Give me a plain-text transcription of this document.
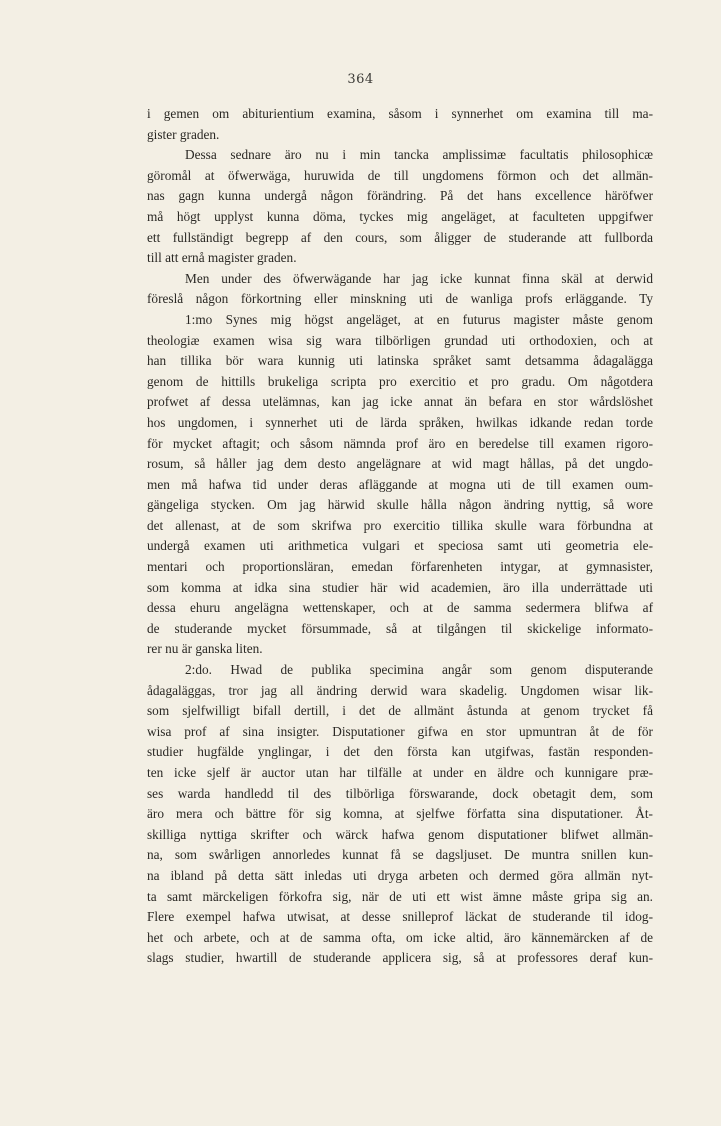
364
i gemen om abiturientium examina, såsom i synnerhet om examina till ma-
gister graden.
Dessa sednare äro nu i min tancka amplissimæ facultatis philosophicæ
göromål at öfwerwäga, huruwida de till ungdomens förmon och det allmän-
nas gagn kunna undergå någon förändring. På det hans excellence häröfwer
må högt upplyst kunna döma, tyckes mig angeläget, at faculteten uppgifwer
ett fullständigt begrepp af den cours, som åligger de studerande att fullborda
till att ernå magister graden.
Men under des öfwerwägande har jag icke kunnat finna skäl at derwid
föreslå någon förkortning eller minskning uti de wanliga profs erläggande. Ty
1:mo Synes mig högst angeläget, at en futurus magister måste genom
theologiæ examen wisa sig wara tilbörligen grundad uti orthodoxien, och at
han tillika bör wara kunnig uti latinska språket samt detsamma ådagalägga
genom de hittills brukeliga scripta pro exercitio et pro gradu. Om någotdera
profwet af dessa utelämnas, kan jag icke annat än befara en stor wårdslöshet
hos ungdomen, i synnerhet uti de lärda språken, hwilkas idkande redan torde
för mycket aftagit; och såsom nämnda prof äro en beredelse till examen rigoro-
rosum, så håller jag dem desto angelägnare at wid magt hållas, på det ungdo-
men må hafwa tid under deras afläggande at mogna uti de till examen oum-
gängeliga stycken. Om jag härwid skulle hålla någon ändring nyttig, så wore
det allenast, at de som skrifwa pro exercitio tillika skulle wara förbundna at
undergå examen uti arithmetica vulgari et speciosa samt uti geometria ele-
mentari och proportionsläran, emedan förfarenheten intygar, at gymnasister,
som komma at idka sina studier här wid academien, äro illa underrättade uti
dessa ehuru angelägna wettenskaper, och at de samma sedermera blifwa af
de studerande mycket försummade, så at tilgången til skickelige informato-
rer nu är ganska liten.
2:do. Hwad de publika specimina angår som genom disputerande
ådagaläggas, tror jag all ändring derwid wara skadelig. Ungdomen wisar lik-
som sjelfwilligt bifall dertill, i det de allmänt åstunda at genom trycket få
wisa prof af sina insigter. Disputationer gifwa en stor upmuntran åt de för
studier hugfälde ynglingar, i det den första kan utgifwas, fastän responden-
ten icke sjelf är auctor utan har tilfälle at under en äldre och kunnigare præ-
ses warda handledd til des tilbörliga förswarande, dock obetagit dem, som
äro mera och bättre för sig komna, at sjelfwe författa sina disputationer. Åt-
skilliga nyttiga skrifter och wärck hafwa genom disputationer blifwet allmän-
na, som swårligen annorledes kunnat få se dagsljuset. De muntra snillen kun-
na ibland på detta sätt inledas uti dryga arbeten och dermed göra allmän nyt-
ta samt märckeligen förkofra sig, när de uti ett wist ämne måste gripa sig an.
Flere exempel hafwa utwisat, at desse snilleprof läckat de studerande til idog-
het och arbete, och at de samma ofta, om icke altid, äro kännemärcken af de
slags studier, hwartill de studerande applicera sig, så at professores deraf kun-
